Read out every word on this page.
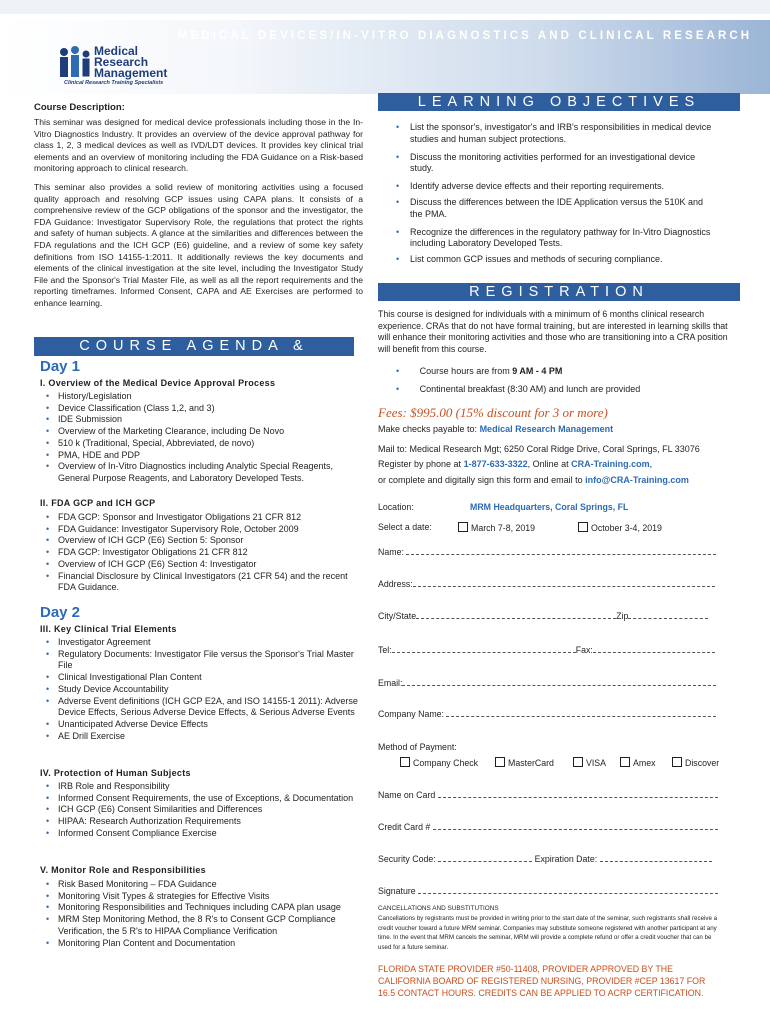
MEDICAL DEVICES/IN-VITRO DIAGNOSTICS AND CLINICAL RESEARCH
Medical
Research
Management
Clinical Research Training Specialists
Course Description:
This seminar was designed for medical device professionals including those in the In-Vitro Diagnostics Industry. It provides an overview of the device approval pathway for class 1, 2, 3 medical devices as well as IVD/LDT devices. It provides key clinical trial elements and an overview of monitoring including the FDA Guidance on a Risk-based monitoring approach to clinical research.
This seminar also provides a solid review of monitoring activities using a focused quality approach and resolving GCP issues using CAPA plans. It consists of a comprehensive review of the GCP obligations of the sponsor and the investigator, the FDA Guidance: Investigator Supervisory Role, the regulations that protect the rights and safety of human subjects. A glance at the similarities and differences between the FDA regulations and the ICH GCP (E6) guideline, and a review of some key safety definitions from ISO 14155-1:2011. It additionally reviews the key documents and elements of the clinical investigation at the site level, including the Investigator Study File and the Sponsor's Trial Master File, as well as all the report requirements and the reporting timeframes. Informed Consent, CAPA and AE Exercises are performed to enhance learning.
COURSE AGENDA & TOPICS
Day 1
I. Overview of the Medical Device Approval Process
• History/Legislation
• Device Classification (Class 1,2, and 3)
• IDE Submission
• Overview of the Marketing Clearance, including De Novo
• 510 k (Traditional, Special, Abbreviated, de novo)
• PMA, HDE and PDP
• Overview of In-Vitro Diagnostics including Analytic Special Reagents, General Purpose Reagents, and Laboratory Developed Tests.
II. FDA GCP and ICH GCP
• FDA GCP: Sponsor and Investigator Obligations 21 CFR 812
• FDA Guidance: Investigator Supervisory Role, October 2009
• Overview of ICH GCP (E6) Section 5: Sponsor
• FDA GCP: Investigator Obligations 21 CFR 812
• Overview of ICH GCP (E6) Section 4: Investigator
• Financial Disclosure by Clinical Investigators (21 CFR 54) and the recent FDA Guidance.
Day 2
III. Key Clinical Trial Elements
• Investigator Agreement
• Regulatory Documents: Investigator File versus the Sponsor's Trial Master File
• Clinical Investigational Plan Content
• Study Device Accountability
• Adverse Event definitions (ICH GCP E2A, and ISO 14155-1 2011): Adverse Device Effects, Serious Adverse Device Effects, & Serious Adverse Events
• Unanticipated Adverse Device Effects
• AE Drill Exercise
IV. Protection of Human Subjects
• IRB Role and Responsibility
• Informed Consent Requirements, the use of Exceptions, & Documentation
• ICH GCP (E6) Consent Similarities and Differences
• HIPAA: Research Authorization Requirements
• Informed Consent Compliance Exercise
V. Monitor Role and Responsibilities
• Risk Based Monitoring – FDA Guidance
• Monitoring Visit Types & strategies for Effective Visits
• Monitoring Responsibilities and Techniques including CAPA plan usage
• MRM Step Monitoring Method, the 8 R's to Consent GCP Compliance Verification, the 5 R's to HIPAA Compliance Verification
• Monitoring Plan Content and Documentation
LEARNING OBJECTIVES
• List the sponsor's, investigator's and IRB's responsibilities in medical device studies and human subject protections.
• Discuss the monitoring activities performed for an investigational device study.
• Identify adverse device effects and their reporting requirements.
• Discuss the differences between the IDE Application versus the 510K and the PMA.
• Recognize the differences in the regulatory pathway for In-Vitro Diagnostics including Laboratory Developed Tests.
• List common GCP issues and methods of securing compliance.
REGISTRATION
This course is designed for individuals with a minimum of 6 months clinical research experience. CRAs that do not have formal training, but are interested in learning skills that will enhance their monitoring activities and those who are transitioning into a CRA position will benefit from this course.
• Course hours are from 9 AM - 4 PM
• Continental breakfast (8:30 AM) and lunch are provided
Fees: $995.00 (15% discount for 3 or more)
Make checks payable to: Medical Research Management
Mail to: Medical Research Mgt; 6250 Coral Ridge Drive, Coral Springs, FL 33076
Register by phone at 1-877-633-3322, Online at CRA-Training.com,
or complete and digitally sign this form and email to info@CRA-Training.com
Location:	MRM Headquarters, Coral Springs, FL
Select a date:	March 7-8, 2019	October 3-4, 2019
Name:
Address:
City/State	Zip
Tel:	Fax:
Email:
Company Name:
Method of Payment:
Company Check	MasterCard	VISA	Amex	Discover
Name on Card
Credit Card #
Security Code:	Expiration Date:
Signature
CANCELLATIONS AND SUBSTITUTIONS
Cancellations by registrants must be provided in writing prior to the start date of the seminar, such registrants shall receive a credit voucher toward a future MRM seminar. Companies may substitute someone registered with another participant at any time. In the event that MRM cancels the seminar, MRM will provide a complete refund or offer a credit voucher that can be used for a future seminar.
FLORIDA STATE PROVIDER #50-11408, PROVIDER APPROVED BY THE CALIFORNIA BOARD OF REGISTERED NURSING, PROVIDER #CEP 13617 FOR 16.5 CONTACT HOURS. CREDITS CAN BE APPLIED TO ACRP CERTIFICATION.
